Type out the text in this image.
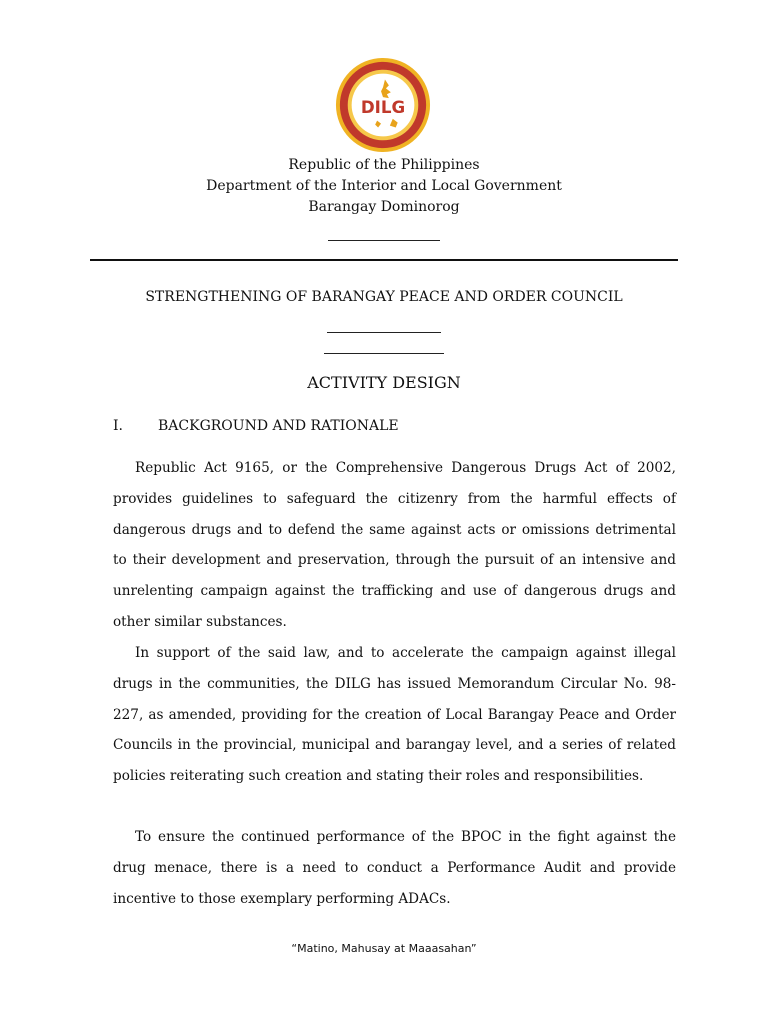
DILG
Republic of the Philippines
Department of the Interior and Local Government
Barangay Dominorog
STRENGTHENING OF BARANGAY PEACE AND ORDER COUNCIL
ACTIVITY DESIGN
I.	BACKGROUND AND RATIONALE

Republic Act 9165, or the Comprehensive Dangerous Drugs Act of 2002, provides guidelines to safeguard the citizenry from the harmful effects of dangerous drugs and to defend the same against acts or omissions detrimental to their development and preservation, through the pursuit of an intensive and unrelenting campaign against the trafficking and use of dangerous drugs and other similar substances.

In support of the said law, and to accelerate the campaign against illegal drugs in the communities, the DILG has issued Memorandum Circular No. 98-227, as amended, providing for the creation of Local Barangay Peace and Order Councils in the provincial, municipal and barangay level, and a series of related policies reiterating such creation and stating their roles and responsibilities.

To ensure the continued performance of the BPOC in the fight against the drug menace, there is a need to conduct a Performance Audit and provide incentive to those exemplary performing ADACs.

“Matino, Mahusay at Maaasahan”
